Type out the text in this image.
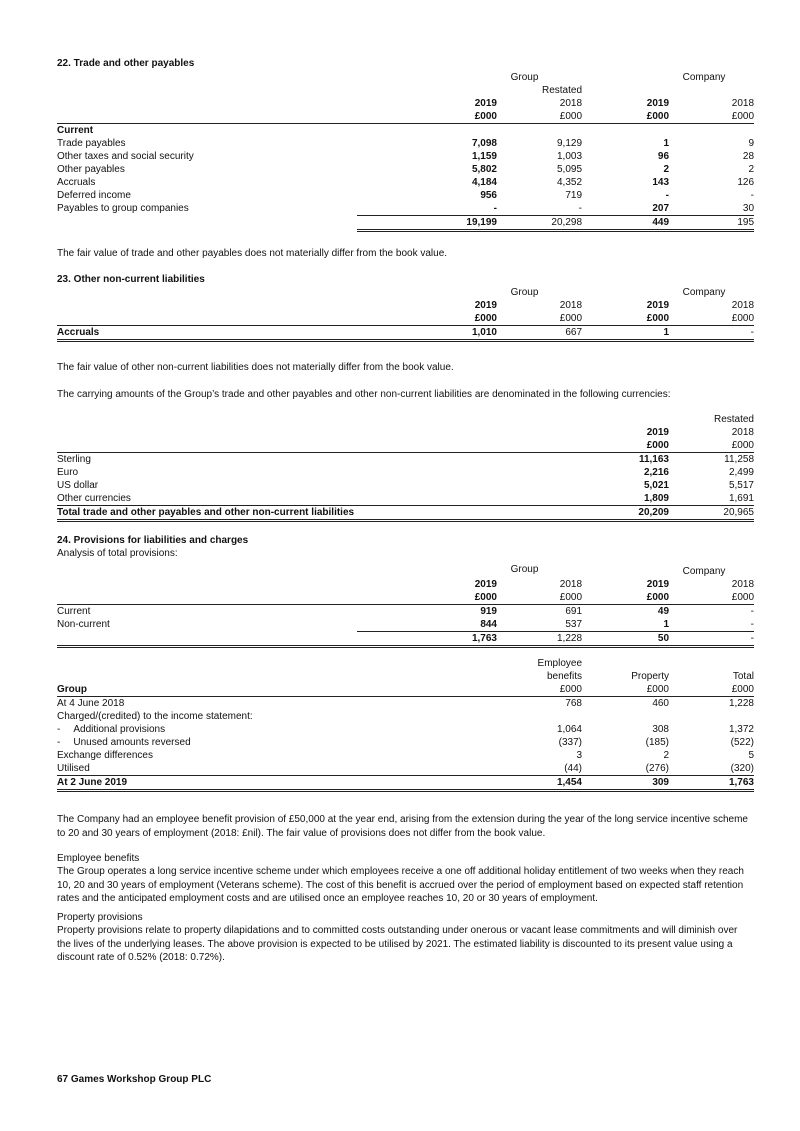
22. Trade and other payables
	Group		Company	
		Restated		
	2019	2018	2019	2018
	£000	£000	£000	£000
Current				
Trade payables	7,098	9,129	1	9
Other taxes and social security	1,159	1,003	96	28
Other payables	5,802	5,095	2	2
Accruals	4,184	4,352	143	126
Deferred income	956	719	-	-
Payables to group companies	-	-	207	30
	19,199	20,298	449	195

The fair value of trade and other payables does not materially differ from the book value.

23. Other non-current liabilities
	Group		Company	
	2019	2018	2019	2018
	£000	£000	£000	£000
Accruals	1,010	667	1	-

The fair value of other non-current liabilities does not materially differ from the book value.

The carrying amounts of the Group’s trade and other payables and other non-current liabilities are denominated in the following currencies:

		Restated
	2019	2018
	£000	£000
Sterling	11,163	11,258
Euro	2,216	2,499
US dollar	5,021	5,517
Other currencies	1,809	1,691
Total trade and other payables and other non-current liabilities	20,209	20,965
24. Provisions for liabilities and charges
Analysis of total provisions:
	Group		Company	
	2019	2018	2019	2018
	£000	£000	£000	£000
Current	919	691	49	-
Non-current	844	537	1	-
	1,763	1,228	50	-
	Employee		
	benefits	Property	Total
Group	£000	£000	£000
At 4 June 2018	768	460	1,228
Charged/(credited) to the income statement:			
- Additional provisions	1,064	308	1,372
- Unused amounts reversed	(337)	(185)	(522)
Exchange differences	3	2	5
Utilised	(44)	(276)	(320)
At 2 June 2019	1,454	309	1,763

The Company had an employee benefit provision of £50,000 at the year end, arising from the extension during the year of the long service incentive scheme to 20 and 30 years of employment (2018: £nil). The fair value of provisions does not differ from the book value.

Employee benefits

The Group operates a long service incentive scheme under which employees receive a one off additional holiday entitlement of two weeks when they reach 10, 20 and 30 years of employment (Veterans scheme). The cost of this benefit is accrued over the period of employment based on expected staff retention rates and the anticipated employment costs and are utilised once an employee reaches 10, 20 or 30 years of employment.

Property provisions

Property provisions relate to property dilapidations and to committed costs outstanding under onerous or vacant lease commitments and will diminish over the lives of the underlying leases. The above provision is expected to be utilised by 2021. The estimated liability is discounted to its present value using a discount rate of 0.52% (2018: 0.72%).

67 Games Workshop Group PLC
